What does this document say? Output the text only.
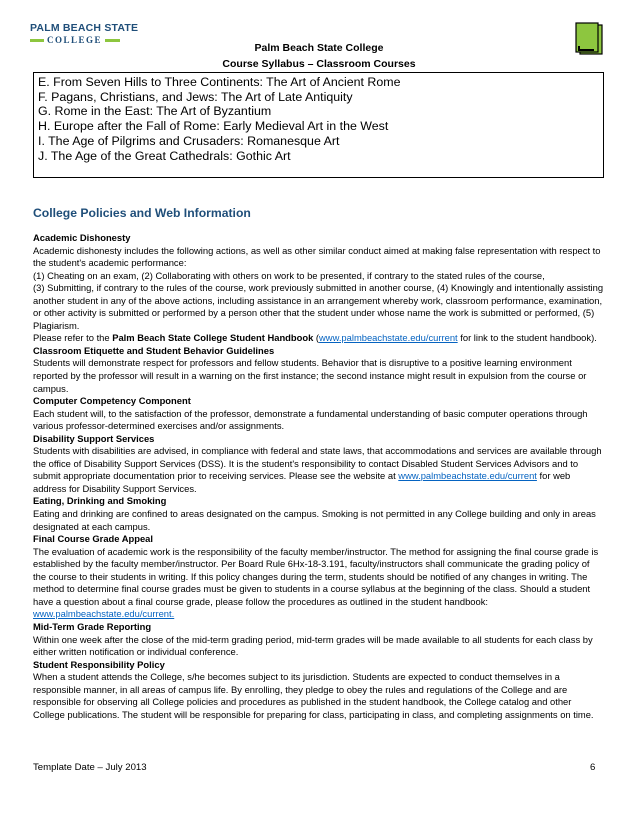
PALM BEACH STATE
COLLEGE
Palm Beach State College
Course Syllabus – Classroom Courses
E. From Seven Hills to Three Continents: The Art of Ancient Rome
F. Pagans, Christians, and Jews: The Art of Late Antiquity
G. Rome in the East: The Art of Byzantium
H. Europe after the Fall of Rome: Early Medieval Art in the West
I. The Age of Pilgrims and Crusaders: Romanesque Art
J. The Age of the Great Cathedrals: Gothic Art
College Policies and Web Information

Academic Dishonesty

Academic dishonesty includes the following actions, as well as other similar conduct aimed at making false representation with respect to the student's academic performance:

(1) Cheating on an exam, (2) Collaborating with others on work to be presented, if contrary to the stated rules of the course,

(3) Submitting, if contrary to the rules of the course, work previously submitted in another course, (4) Knowingly and intentionally assisting another student in any of the above actions, including assistance in an arrangement whereby work, classroom performance, examination, or other activity is submitted or performed by a person other that the student under whose name the work is submitted or performed, (5) Plagiarism.

Please refer to the Palm Beach State College Student Handbook (www.palmbeachstate.edu/current for link to the student handbook).

Classroom Etiquette and Student Behavior Guidelines

Students will demonstrate respect for professors and fellow students. Behavior that is disruptive to a positive learning environment reported by the professor will result in a warning on the first instance; the second instance might result in expulsion from the course or campus.

Computer Competency Component

Each student will, to the satisfaction of the professor, demonstrate a fundamental understanding of basic computer operations through various professor-determined exercises and/or assignments.

Disability Support Services

Students with disabilities are advised, in compliance with federal and state laws, that accommodations and services are available through the office of Disability Support Services (DSS). It is the student's responsibility to contact Disabled Student Services Advisors and to submit appropriate documentation prior to receiving services. Please see the website at www.palmbeachstate.edu/current for web address for Disability Support Services.

Eating, Drinking and Smoking

Eating and drinking are confined to areas designated on the campus. Smoking is not permitted in any College building and only in areas designated at each campus.

Final Course Grade Appeal

The evaluation of academic work is the responsibility of the faculty member/instructor. The method for assigning the final course grade is established by the faculty member/instructor. Per Board Rule 6Hx-18-3.191, faculty/instructors shall communicate the grading policy of the course to their students in writing. If this policy changes during the term, students should be notified of any changes in writing. The method to determine final course grades must be given to students in a course syllabus at the beginning of the class. Should a student have a question about a final course grade, please follow the procedures as outlined in the student handbook: www.palmbeachstate.edu/current.

Mid-Term Grade Reporting

Within one week after the close of the mid-term grading period, mid-term grades will be made available to all students for each class by either written notification or individual conference.

Student Responsibility Policy

When a student attends the College, s/he becomes subject to its jurisdiction. Students are expected to conduct themselves in a responsible manner, in all areas of campus life. By enrolling, they pledge to obey the rules and regulations of the College and are responsible for observing all College policies and procedures as published in the student handbook, the College catalog and other College publications. The student will be responsible for preparing for class, participating in class, and completing assignments on time.

Template Date – July 2013	6
